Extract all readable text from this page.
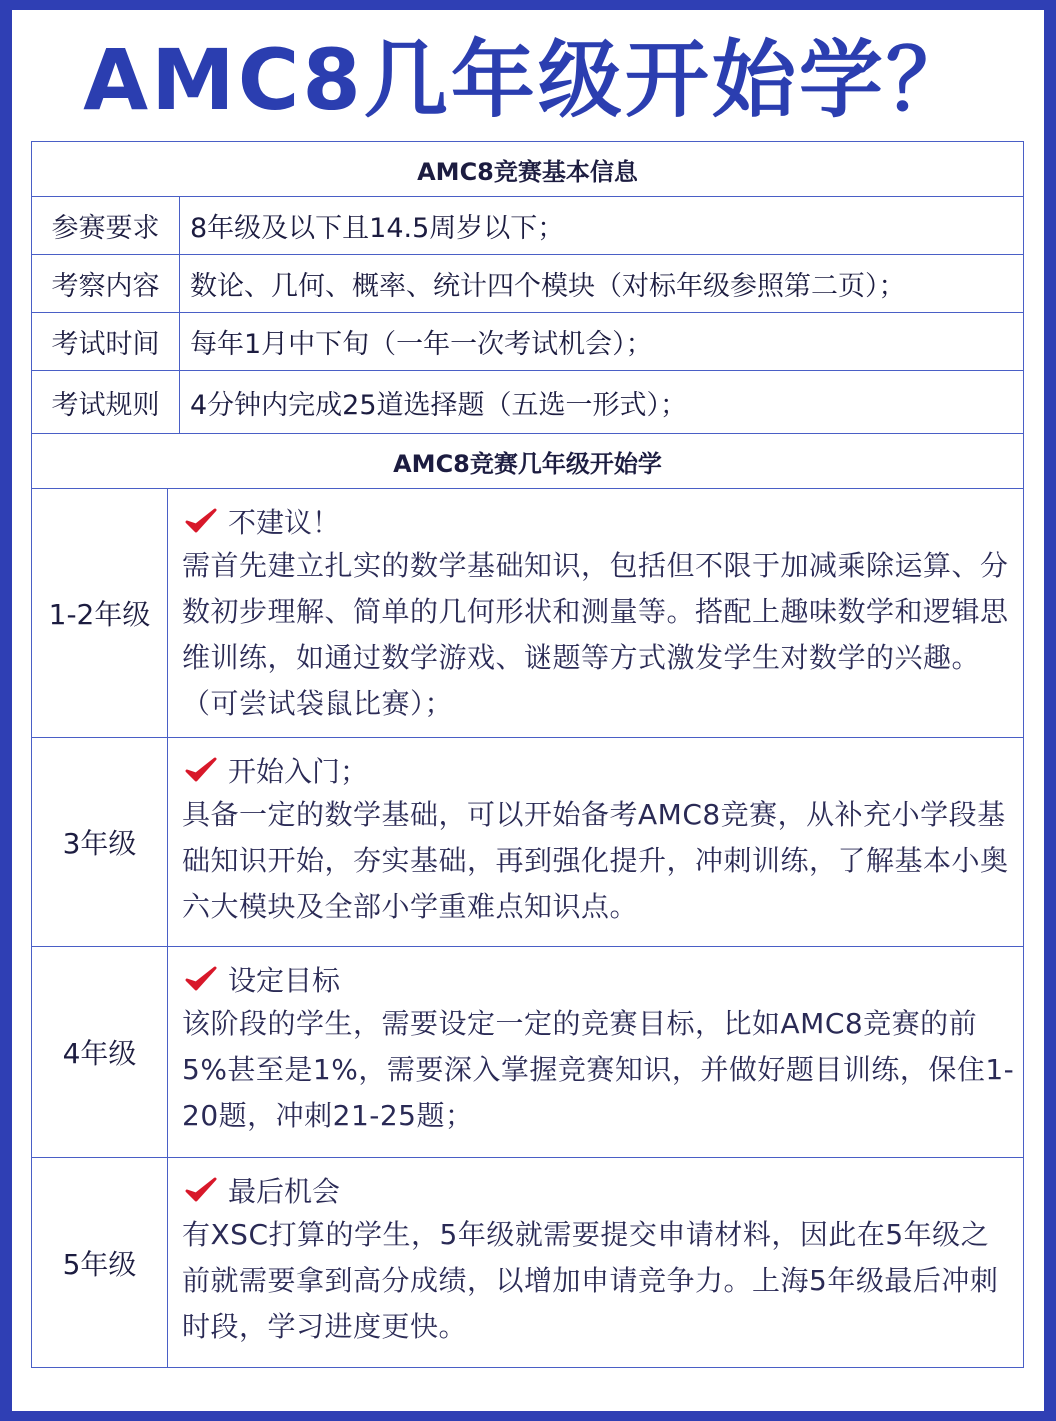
AMC8几年级开始学？
AMC8竞赛基本信息		
参赛要求		8年级及以下且14.5周岁以下；
考察内容		数论、几何、概率、统计四个模块（对标年级参照第二页）；
考试时间		每年1月中下旬（一年一次考试机会）；
考试规则		4分钟内完成25道选择题（五选一形式）；
AMC8竞赛几年级开始学		
1-2年级	不建议！
需首先建立扎实的数学基础知识，包括但不限于加减乘除运算、分数初步理解、简单的几何形状和测量等。搭配上趣味数学和逻辑思维训练，如通过数学游戏、谜题等方式激发学生对数学的兴趣。（可尝试袋鼠比赛）；	

3年级	开始入门；
具备一定的数学基础，可以开始备考AMC8竞赛，从补充小学段基础知识开始，夯实基础，再到强化提升，冲刺训练，了解基本小奥六大模块及全部小学重难点知识点。	

4年级	设定目标
该阶段的学生，需要设定一定的竞赛目标，比如AMC8竞赛的前5%甚至是1%，需要深入掌握竞赛知识，并做好题目训练，保住1-20题，冲刺21-25题；	

5年级	最后机会
有XSC打算的学生，5年级就需要提交申请材料，因此在5年级之前就需要拿到高分成绩，以增加申请竞争力。上海5年级最后冲刺时段，学习进度更快。	
